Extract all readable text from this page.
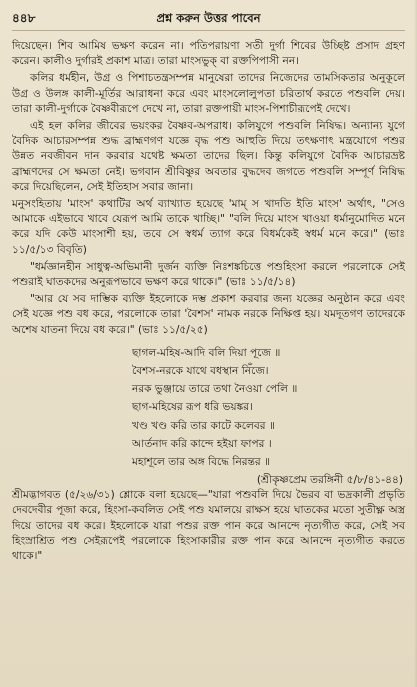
৪৪৮	প্রশ্ন করুন উত্তর পাবেন

দিয়েছেন। শিব আমিষ ভক্ষণ করেন না। পতিপরায়ণা সতী দুর্গা শিবের উচ্ছিষ্ট প্রসাদ গ্রহণ করেন। কালীও দুর্গারই প্রকাশ মাত্র। তারা মাংসভুক্ বা রক্তপিপাসী নন।

কলির ধর্মহীন, উগ্র ও পিশাচতন্ত্রসম্পন্ন মানুষেরা তাদের নিজেদের তামসিকতার অনুকূলে উগ্র ও উলঙ্গ কালী-মূর্তির আরাধনা করে এবং মাংসলোলুপতা চরিতার্থ করতে পশুবলি দেয়। তারা কালী-দুর্গাকে বৈষ্ণবীরূপে দেখে না, তারা রক্তপায়ী মাংস-পিশাচীরূপেই দেখে।

এই হল কলির জীবের ভয়ংকর বৈষ্ণব-অপরাধ। কলিযুগে পশুবলি নিষিদ্ধ। অন্যান্য যুগে বৈদিক আচারসম্পন্ন শুদ্ধ ব্রাহ্মণগণ যজ্ঞে বৃদ্ধ পশু আহুতি দিয়ে তৎক্ষণাৎ মন্ত্রযোগে পশুর উন্নত নবজীবন দান করবার যথেষ্ট ক্ষমতা তাদের ছিল। কিন্তু কলিযুগে বৈদিক আচারভ্রষ্ট ব্রাহ্মণদের সে ক্ষমতা নেই। ভগবান শ্রীবিষ্ণুর অবতার বুদ্ধদেব জগতে পশুবলি সম্পূর্ণ নিষিদ্ধ করে দিয়েছিলেন, সেই ইতিহাস সবার জানা।

মনুসংহিতায় 'মাংস' কথাটির অর্থ ব্যাখ্যাত হয়েছে 'মাম্ স খাদতি ইতি মাংস' অর্থাৎ, "সেও আমাকে এইভাবে খাবে যেরূপ আমি তাকে খাচ্ছি।" "বলি দিয়ে মাংস খাওয়া ধর্মানুমোদিত মনে করে যদি কেউ মাংসাশী হয়, তবে সে স্বধর্ম ত্যাগ করে বিধর্মকেই স্বধর্ম মনে করে।" (ভাঃ ১১/৫/১৩ বিবৃতি)

"ধর্মজ্ঞানহীন সাধুত্ব-অভিমানী দুর্জন ব্যক্তি নিঃশঙ্কচিত্তে পশুহিংসা করলে পরলোকে সেই পশুরাই ঘাতকদের অনুরূপভাবে ভক্ষণ করে থাকে।" (ভাঃ ১১/৫/১৪)

"আর যে সব দাম্ভিক ব্যক্তি ইহলোকে দম্ভ প্রকাশ করবার জন্য যজ্ঞের অনুষ্ঠান করে এবং সেই যজ্ঞে পশু বধ করে, পরলোকে তারা 'বৈশস' নামক নরকে নিক্ষিপ্ত হয়। যমদূতগণ তাদেরকে অশেষ যাতনা দিয়ে বধ করে।" (ভাঃ ১১/৫/২৫)

ছাগল-মহিষ-আদি বলি দিয়া পূজে ॥
বৈশস-নরকে যাথে বধস্থান নিঁজে।
নরক ভুঞ্জায়ে তারে তথা নৈওয়া পেলি ॥
ছাগ-মহিষের রূপ ধরি ভয়ঙ্কর।
খণ্ড খণ্ড করি তার কাটে কলেবর ॥
আর্তনাদ করি কান্দে হইয়া ফাপর ।
মহাশূলে তার অঙ্গ বিদ্ধে নিরন্তর ॥
(শ্রীকৃষ্ণপ্রেম তরঙ্গিনী ৫/৮/৪১-৪৪)

শ্রীমদ্ভাগবত (৫/২৬/৩১) শ্লোকে বলা হয়েছে—"যারা পশুবলি দিয়ে ভৈরব বা ভদ্রকালী প্রভৃতি দেবদেবীর পূজা করে, হিংসা-কবলিত সেই পশু যমালয়ে রাক্ষস হয়ে ঘাতকের মতো সুতীক্ষ্ণ অস্ত্র দিয়ে তাদের বধ করে। ইহলোকে যারা পশুর রক্ত পান করে আনন্দে নৃত্যগীত করে, সেই সব হিংস্রাশ্রিত পশু সেইরূপেই পরলোকে হিংসাকারীর রক্ত পান করে আনন্দে নৃত্যগীত করতে থাকে।"
